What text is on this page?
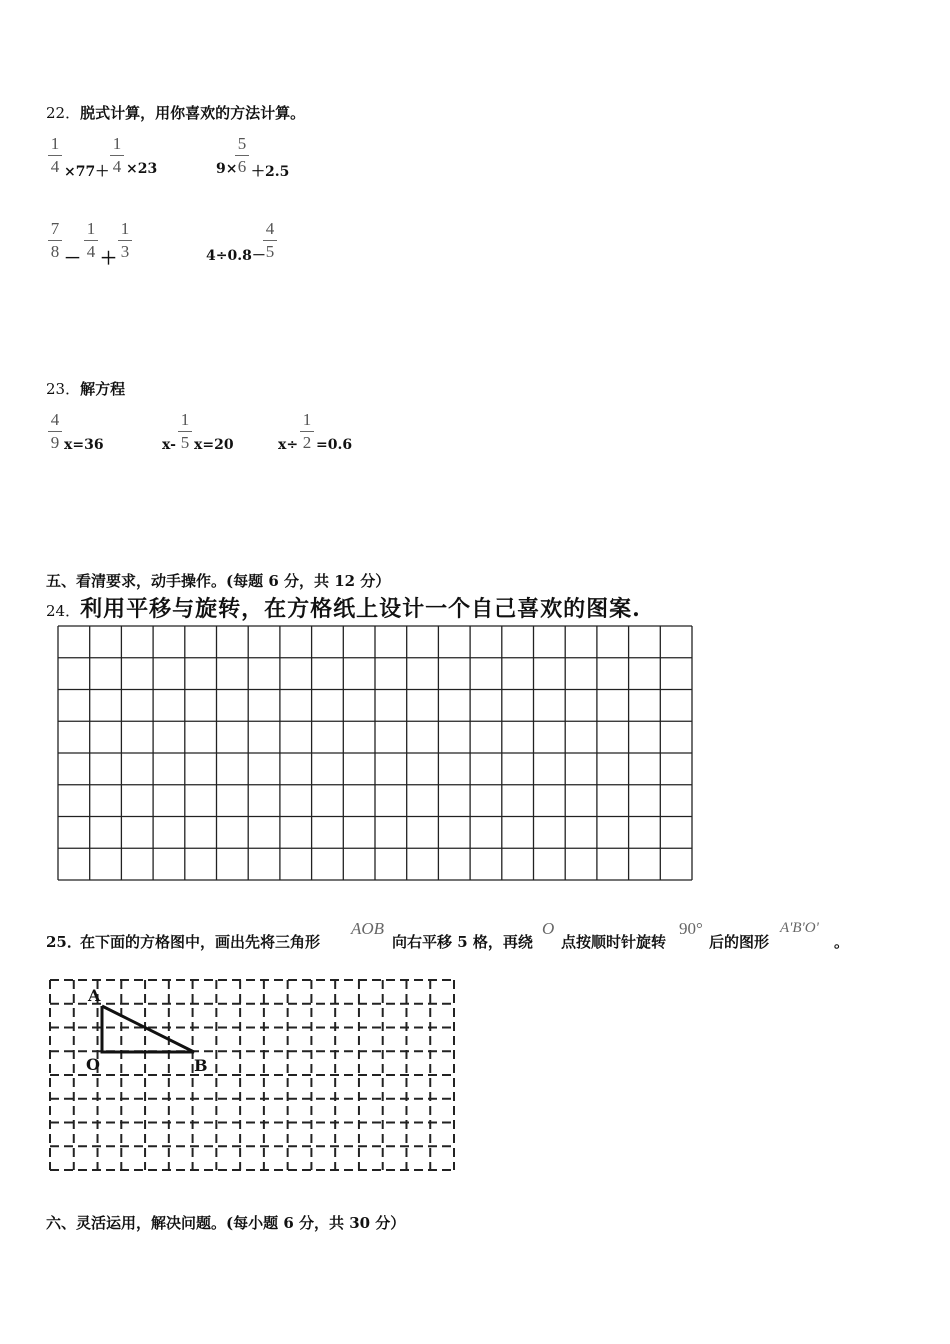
22．脱式计算，用你喜欢的方法计算。
1
4 ×77＋
1
4 ×23	9×
5
6 ＋2.5
7
8 －
1
4 ＋
1
3	4÷0.8－
4
5
23．解方程
4
9 x=36	x-
1
5 x=20	x÷
1
2 =0.6
五、看清要求，动手操作。(每题 6 分，共 12 分）
24．利用平移与旋转，在方格纸上设计一个自己喜欢的图案.
25．
在下面的方格图中，画出先将三角形
AOB
向右平移 5 格，再绕
O
点按顺时针旋转
90°
后的图形
A'B'O'
。
A
O	B
六、灵活运用，解决问题。(每小题 6 分，共 30 分）
